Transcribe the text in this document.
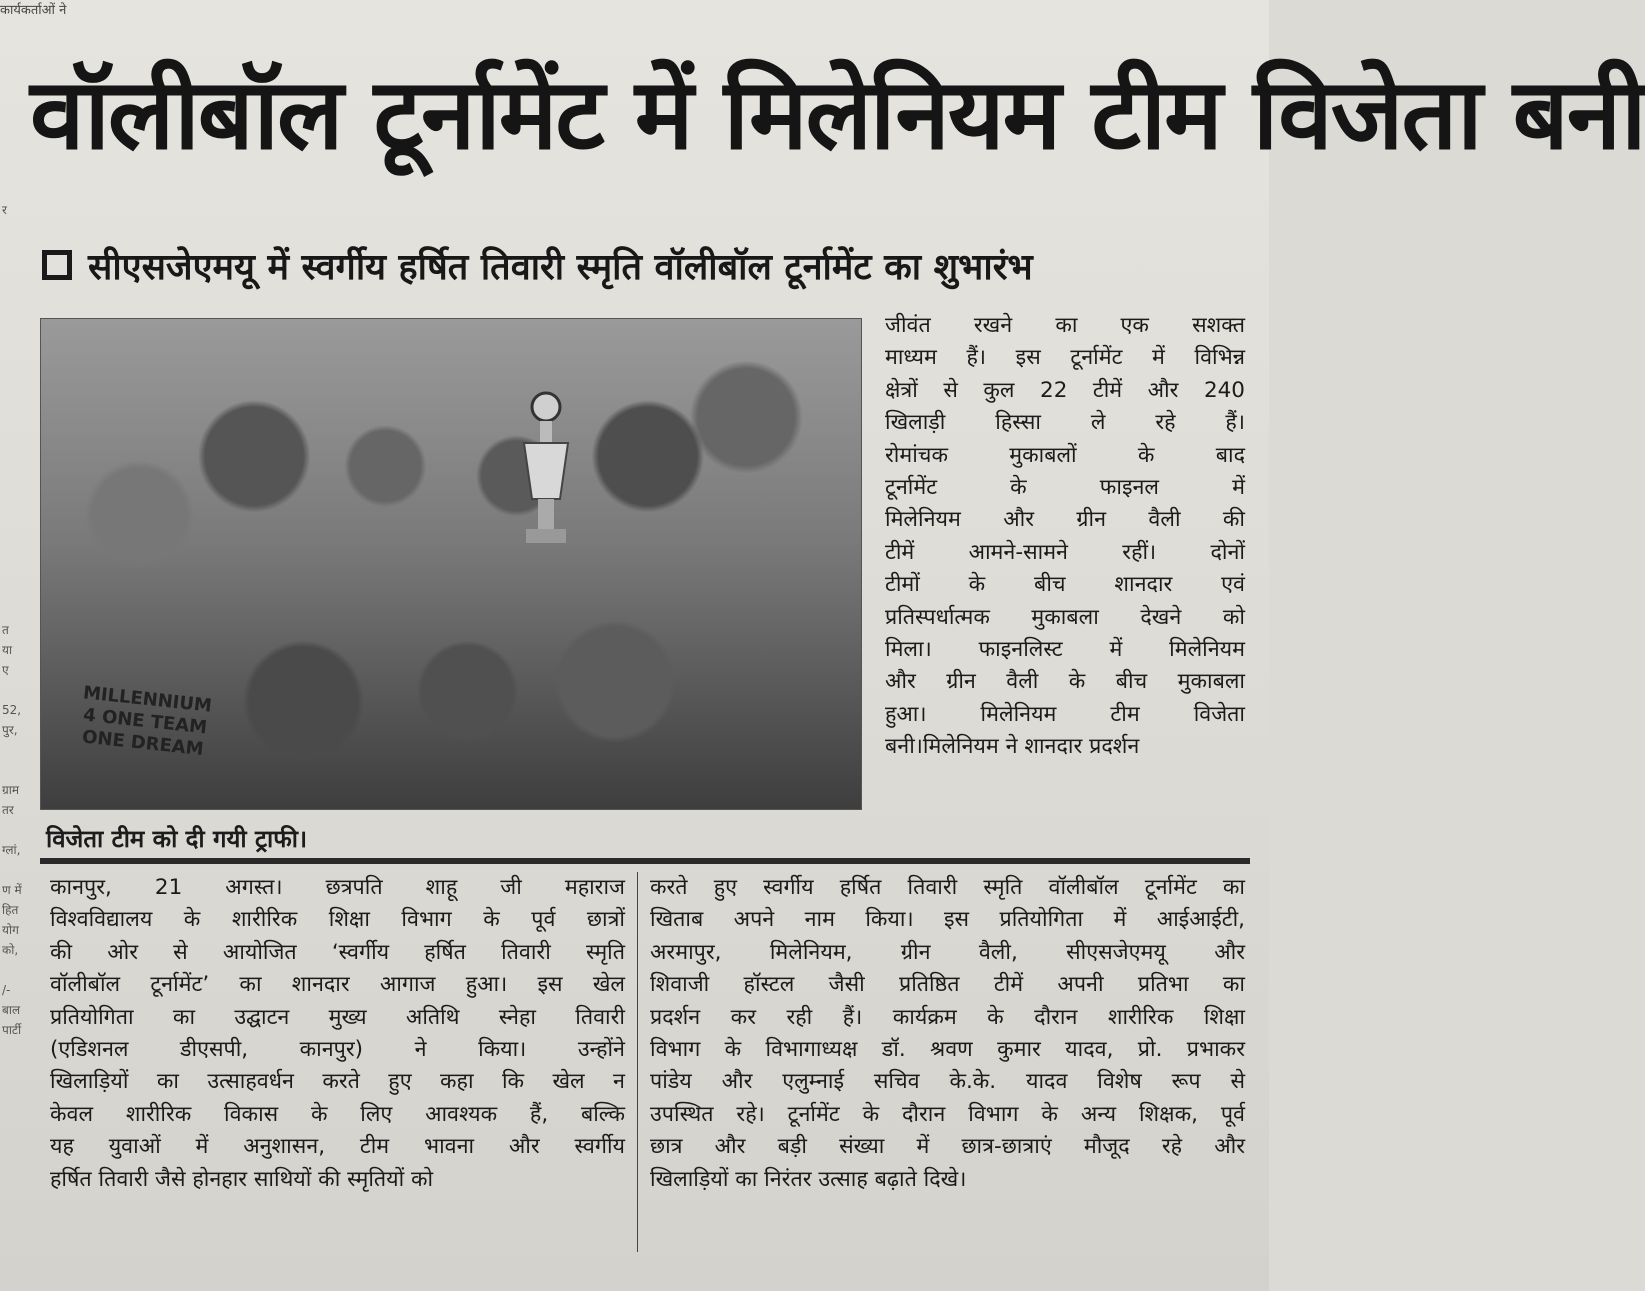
कार्यकर्ताओं ने
र
त
या
ए
52,
पुर,
ग्राम
तर
ग्लां,
ण में
हित
योग
को,
/-
बाल
पार्टी
वॉलीबॉल टूर्नामेंट में मिलेनियम टीम विजेता बनी
सीएसजेएमयू में स्वर्गीय हर्षित तिवारी स्मृति वॉलीबॉल टूर्नामेंट का शुभारंभ
MILLENNIUM 4 ONE TEAM ONE DREAM
विजेता टीम को दी गयी ट्राफी।
जीवंत रखने का एक सशक्त
माध्यम हैं। इस टूर्नामेंट में विभिन्न
क्षेत्रों से कुल 22 टीमें और 240
खिलाड़ी हिस्सा ले रहे हैं।
रोमांचक मुकाबलों के बाद
टूर्नामेंट के फाइनल में
मिलेनियम और ग्रीन वैली की
टीमें आमने-सामने रहीं। दोनों
टीमों के बीच शानदार एवं
प्रतिस्पर्धात्मक मुकाबला देखने को
मिला। फाइनलिस्ट में मिलेनियम
और ग्रीन वैली के बीच मुकाबला
हुआ। मिलेनियम टीम विजेता
बनी।मिलेनियम ने शानदार प्रदर्शन
कानपुर, 21 अगस्त। छत्रपति शाहू जी महाराज
विश्वविद्यालय के शारीरिक शिक्षा विभाग के पूर्व छात्रों
की ओर से आयोजित ‘स्वर्गीय हर्षित तिवारी स्मृति
वॉलीबॉल टूर्नामेंट’ का शानदार आगाज हुआ। इस खेल
प्रतियोगिता का उद्घाटन मुख्य अतिथि स्नेहा तिवारी
(एडिशनल डीएसपी, कानपुर) ने किया। उन्होंने
खिलाड़ियों का उत्साहवर्धन करते हुए कहा कि खेल न
केवल शारीरिक विकास के लिए आवश्यक हैं, बल्कि
यह युवाओं में अनुशासन, टीम भावना और स्वर्गीय
हर्षित तिवारी जैसे होनहार साथियों की स्मृतियों को
करते हुए स्वर्गीय हर्षित तिवारी स्मृति वॉलीबॉल टूर्नामेंट का
खिताब अपने नाम किया। इस प्रतियोगिता में आईआईटी,
अरमापुर, मिलेनियम, ग्रीन वैली, सीएसजेएमयू और
शिवाजी हॉस्टल जैसी प्रतिष्ठित टीमें अपनी प्रतिभा का
प्रदर्शन कर रही हैं। कार्यक्रम के दौरान शारीरिक शिक्षा
विभाग के विभागाध्यक्ष डॉ. श्रवण कुमार यादव, प्रो. प्रभाकर
पांडेय और एलुम्नाई सचिव के.के. यादव विशेष रूप से
उपस्थित रहे। टूर्नामेंट के दौरान विभाग के अन्य शिक्षक, पूर्व
छात्र और बड़ी संख्या में छात्र-छात्राएं मौजूद रहे और
खिलाड़ियों का निरंतर उत्साह बढ़ाते दिखे।
